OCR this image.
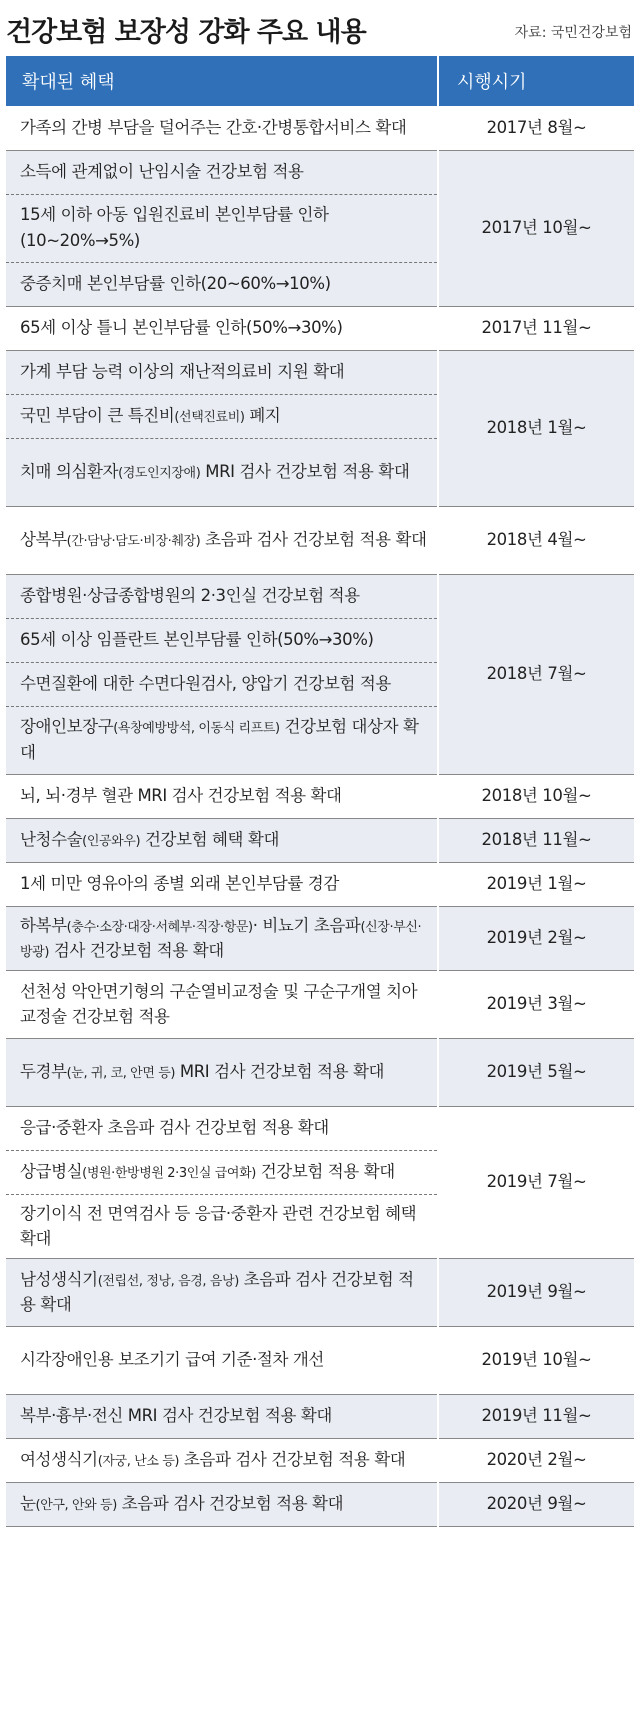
건강보험 보장성 강화 주요 내용	자료: 국민건강보험
확대된 혜택	시행시기
가족의 간병 부담을 덜어주는 간호·간병통합서비스 확대	2017년 8월~
소득에 관계없이 난임시술 건강보험 적용	2017년 10월~
15세 이하 아동 입원진료비 본인부담률 인하 (10~20%→5%)	
중증치매 본인부담률 인하(20~60%→10%)	
65세 이상 틀니 본인부담률 인하(50%→30%)	2017년 11월~
가계 부담 능력 이상의 재난적의료비 지원 확대	2018년 1월~
국민 부담이 큰 특진비(선택진료비) 폐지	
치매 의심환자(경도인지장애) MRI 검사 건강보험 적용 확대	
상복부(간·담낭·담도·비장·췌장) 초음파 검사 건강보험 적용 확대	2018년 4월~
종합병원·상급종합병원의 2·3인실 건강보험 적용	2018년 7월~
65세 이상 임플란트 본인부담률 인하(50%→30%)	
수면질환에 대한 수면다원검사, 양압기 건강보험 적용	
장애인보장구(욕창예방방석, 이동식 리프트) 건강보험 대상자 확대	
뇌, 뇌·경부 혈관 MRI 검사 건강보험 적용 확대	2018년 10월~
난청수술(인공와우) 건강보험 혜택 확대	2018년 11월~
1세 미만 영유아의 종별 외래 본인부담률 경감	2019년 1월~
하복부(충수·소장·대장·서혜부·직장·항문)· 비뇨기 초음파(신장·부신·방광) 검사 건강보험 적용 확대	2019년 2월~
선천성 악안면기형의 구순열비교정술 및 구순구개열 치아교정술 건강보험 적용	2019년 3월~
두경부(눈, 귀, 코, 안면 등) MRI 검사 건강보험 적용 확대	2019년 5월~
응급·중환자 초음파 검사 건강보험 적용 확대	2019년 7월~
상급병실(병원·한방병원 2·3인실 급여화) 건강보험 적용 확대	
장기이식 전 면역검사 등 응급·중환자 관련 건강보험 혜택 확대	
남성생식기(전립선, 정낭, 음경, 음낭) 초음파 검사 건강보험 적용 확대	2019년 9월~
시각장애인용 보조기기 급여 기준·절차 개선	2019년 10월~
복부·흉부·전신 MRI 검사 건강보험 적용 확대	2019년 11월~
여성생식기(자궁, 난소 등) 초음파 검사 건강보험 적용 확대	2020년 2월~
눈(안구, 안와 등) 초음파 검사 건강보험 적용 확대	2020년 9월~
